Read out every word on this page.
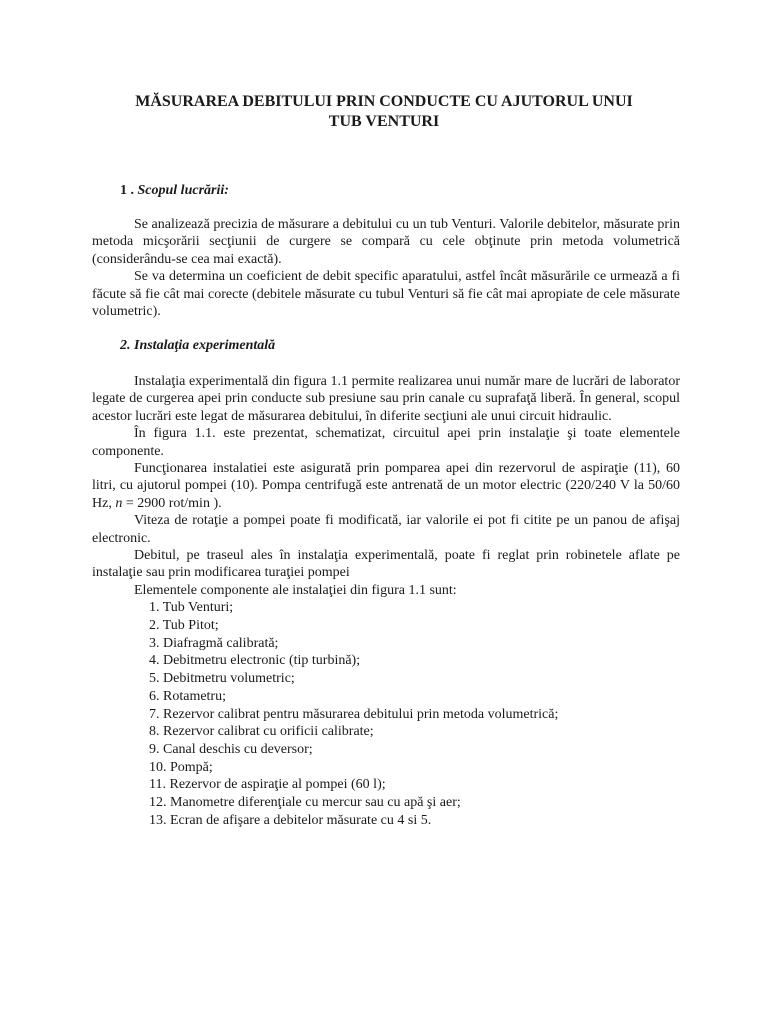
MĂSURAREA DEBITULUI PRIN CONDUCTE CU AJUTORUL UNUI
TUB VENTURI
1 . Scopul lucrării:

Se analizează precizia de măsurare a debitului cu un tub Venturi. Valorile debitelor, măsurate prin metoda micşorării secţiunii de curgere se compară cu cele obţinute prin metoda volumetrică (considerându-se cea mai exactă).

Se va determina un coeficient de debit specific aparatului, astfel încât măsurările ce urmează a fi făcute să fie cât mai corecte (debitele măsurate cu tubul Venturi să fie cât mai apropiate de cele măsurate volumetric).

2. Instalaţia experimentală

Instalaţia experimentală din figura 1.1 permite realizarea unui număr mare de lucrări de laborator legate de curgerea apei prin conducte sub presiune sau prin canale cu suprafaţă liberă. În general, scopul acestor lucrări este legat de măsurarea debitului, în diferite secţiuni ale unui circuit hidraulic.

În figura 1.1. este prezentat, schematizat, circuitul apei prin instalaţie şi toate elementele componente.

Funcţionarea instalatiei este asigurată prin pomparea apei din rezervorul de aspiraţie (11), 60 litri, cu ajutorul pompei (10). Pompa centrifugă este antrenată de un motor electric (220/240 V la 50/60 Hz, n = 2900 rot/min ).

Viteza de rotaţie a pompei poate fi modificată, iar valorile ei pot fi citite pe un panou de afişaj electronic.

Debitul, pe traseul ales în instalaţia experimentală, poate fi reglat prin robinetele aflate pe instalaţie sau prin modificarea turaţiei pompei

Elementele componente ale instalaţiei din figura 1.1 sunt:

1. Tub Venturi;
2. Tub Pitot;
3. Diafragmă calibrată;
4. Debitmetru electronic (tip turbină);
5. Debitmetru volumetric;
6. Rotametru;
7. Rezervor calibrat pentru măsurarea debitului prin metoda volumetrică;
8. Rezervor calibrat cu orificii calibrate;
9. Canal deschis cu deversor;
10. Pompă;
11. Rezervor de aspiraţie al pompei (60 l);
12. Manometre diferenţiale cu mercur sau cu apă şi aer;
13. Ecran de afişare a debitelor măsurate cu 4 si 5.
